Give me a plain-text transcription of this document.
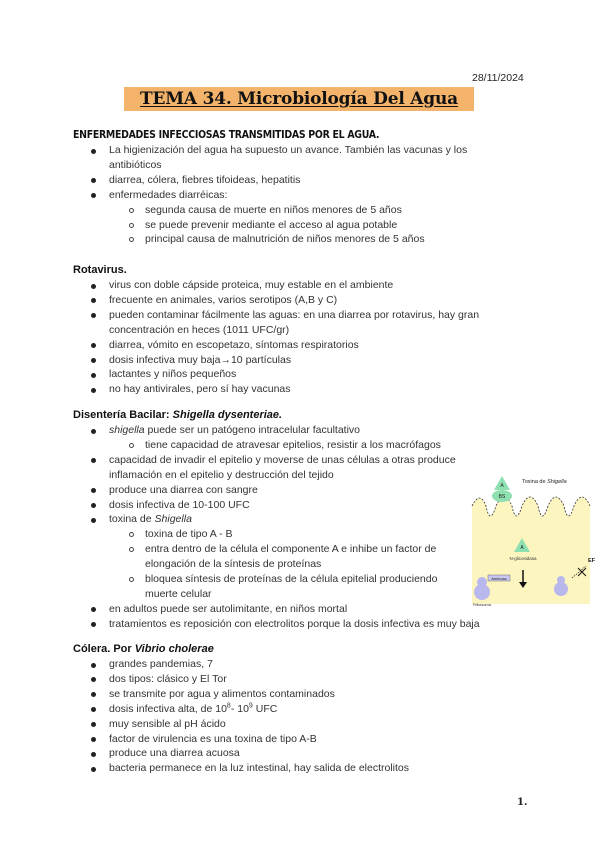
28/11/2024
TEMA 34. Microbiología Del Agua
ENFERMEDADES INFECCIOSAS TRANSMITIDAS POR EL AGUA.
La higienización del agua ha supuesto un avance. También las vacunas y los antibióticos
diarrea, cólera, fiebres tifoideas, hepatitis
enfermedades diarréicas:
segunda causa de muerte en niños menores de 5 años
se puede prevenir mediante el acceso al agua potable
principal causa de malnutrición de niños menores de 5 años
Rotavirus.
virus con doble cápside proteica, muy estable en el ambiente
frecuente en animales, varios serotipos (A,B y C)
pueden contaminar fácilmente las aguas: en una diarrea por rotavirus, hay gran concentración en heces (1011 UFC/gr)
diarrea, vómito en escopetazo, síntomas respiratorios
dosis infectiva muy baja→10 partículas
lactantes y niños pequeños
no hay antivirales, pero sí hay vacunas
Disentería Bacilar: Shigella dysenteriae.
shigella puede ser un patógeno intracelular facultativo
tiene capacidad de atravesar epitelios, resistir a los macrófagos
capacidad de invadir el epitelio y moverse de unas células a otras produce inflamación en el epitelio y destrucción del tejido
produce una diarrea con sangre
dosis infectiva de 10-100 UFC
toxina de Shigella
toxina de tipo A - B
entra dentro de la célula el componente A e inhibe un factor de elongación de la síntesis de proteínas
bloquea síntesis de proteínas de la célula epitelial produciendo muerte celular
en adultos puede ser autolimitante, en niños mortal
tratamientos es reposición con electrolitos porque la dosis infectiva es muy baja
A
BS
Toxina de Shigella
A
N-glicosidasa	EF
Aminoac
Ribosoma
Cólera. Por Vibrio cholerae
grandes pandemias, 7
dos tipos: clásico y El Tor
se transmite por agua y alimentos contaminados
dosis infectiva alta, de $10^8-$ $10^9$ UFC
muy sensible al pH ácido
factor de virulencia es una toxina de tipo A-B
produce una diarrea acuosa
bacteria permanece en la luz intestinal, hay salida de electrolitos
1.
